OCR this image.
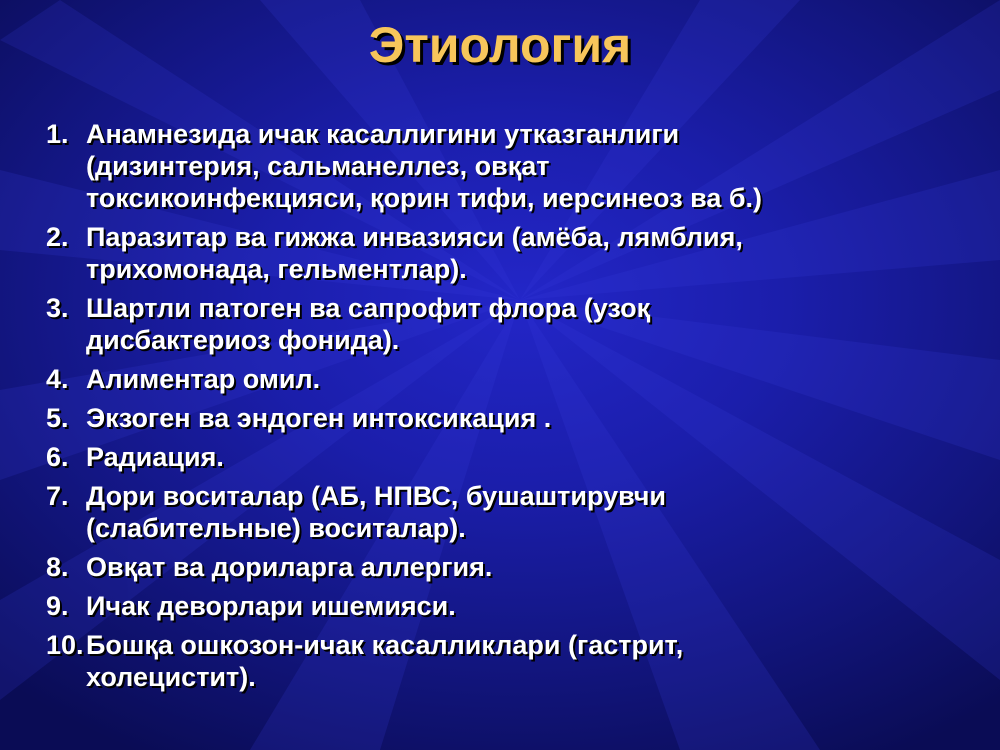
Этиология
1. Анамнезида ичак касаллигини утказганлиги
(дизинтерия, сальманеллез, овқат
токсикоинфекцияси, қорин тифи, иерсинеоз ва б.)
2. Паразитар ва гижжа инвазияси (амёба, лямблия,
трихомонада, гельментлар).
3. Шартли патоген ва сапрофит флора (узоқ
дисбактериоз фонида).
4. Алиментар омил.
5. Экзоген ва эндоген интоксикация .
6. Радиация.
7. Дори воситалар (АБ, НПВС, бушаштирувчи
(слабительные) воситалар).
8. Овқат ва дориларга аллергия.
9. Ичак деворлари ишемияси.
10. Бошқа ошкозон-ичак касалликлари (гастрит,
холецистит).
